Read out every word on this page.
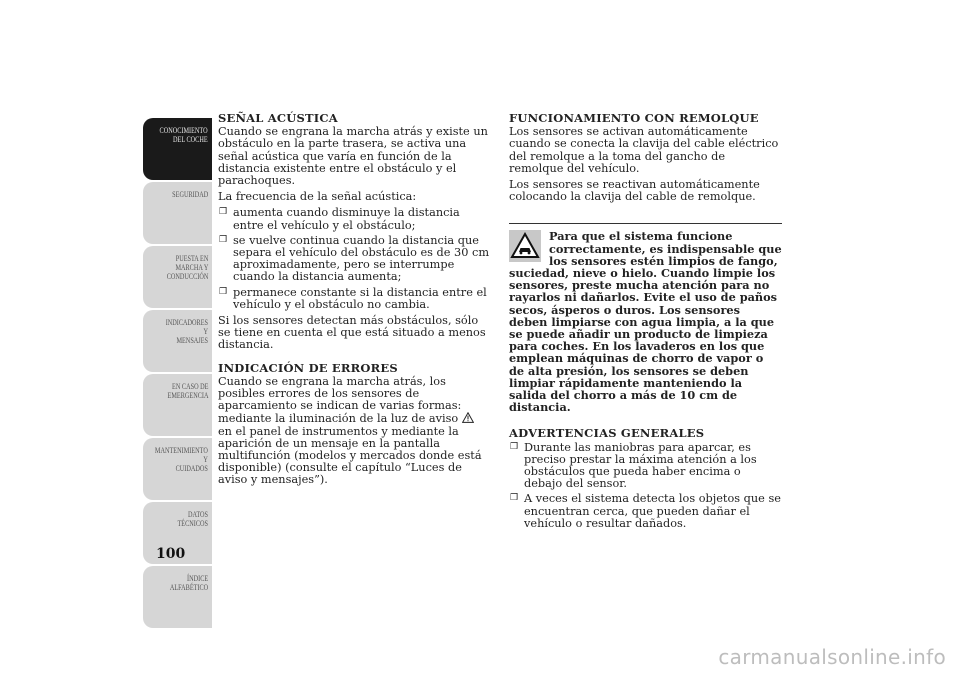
CONOCIMIENTO
DEL COCHE
SEGURIDAD
PUESTA EN
MARCHA Y
CONDUCCIÓN
INDICADORES Y
MENSAJES
EN CASO DE
EMERGENCIA
MANTENIMIENTO Y
CUIDADOS
DATOS TÉCNICOS
ÍNDICE
ALFABÉTICO
100
SEÑAL ACÚSTICA

Cuando se engrana la marcha atrás y existe un obstáculo en la parte trasera, se activa una señal acústica que varía en función de la distancia existente entre el obstáculo y el parachoques.

La frecuencia de la señal acústica:

❒ aumenta cuando disminuye la distancia entre el vehículo y el obstáculo;
❒ se vuelve continua cuando la distancia que separa el vehículo del obstáculo es de 30 cm aproximadamente, pero se interrumpe cuando la distancia aumenta;
❒ permanece constante si la distancia entre el vehículo y el obstáculo no cambia.

Si los sensores detectan más obstáculos, sólo se tiene en cuenta el que está situado a menos distancia.

INDICACIÓN DE ERRORES

Cuando se engrana la marcha atrás, los posibles errores de los sensores de aparcamiento se indican de varias formas: mediante la iluminación de la luz de aviso  en el panel de instrumentos y mediante la aparición de un mensaje en la pantalla multifunción (modelos y mercados donde está disponible) (consulte el capítulo “Luces de aviso y mensajes”).

FUNCIONAMIENTO CON REMOLQUE

Los sensores se activan automáticamente cuando se conecta la clavija del cable eléctrico del remolque a la toma del gancho de remolque del vehículo.

Los sensores se reactivan automáticamente colocando la clavija del cable de remolque.

Para que el sistema funcione correctamente, es indispensable que los sensores estén limpios de fango,
suciedad, nieve o hielo. Cuando limpie los sensores, preste mucha atención para no rayarlos ni dañarlos. Evite el uso de paños secos, ásperos o duros. Los sensores deben limpiarse con agua limpia, a la que se puede añadir un producto de limpieza para coches. En los lavaderos en los que emplean máquinas de chorro de vapor o de alta presión, los sensores se deben limpiar rápidamente manteniendo la salida del chorro a más de 10 cm de distancia.
ADVERTENCIAS GENERALES
❒ Durante las maniobras para aparcar, es preciso prestar la máxima atención a los obstáculos que pueda haber encima o debajo del sensor.
❒ A veces el sistema detecta los objetos que se encuentran cerca, que pueden dañar el vehículo o resultar dañados.
carmanualsonline.info
